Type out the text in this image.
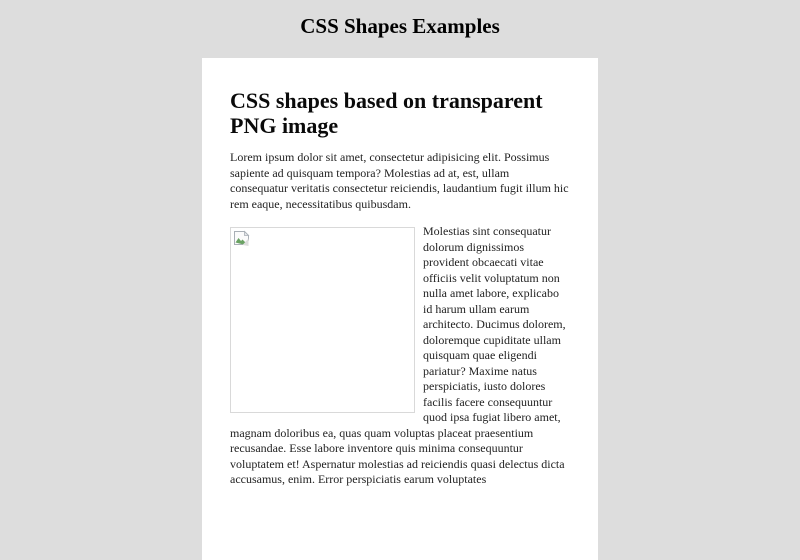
CSS Shapes Examples
CSS shapes based on transparent PNG image

Lorem ipsum dolor sit amet, consectetur adipisicing elit. Possimus sapiente ad quisquam tempora? Molestias ad at, est, ullam consequatur veritatis consectetur reiciendis, laudantium fugit illum hic rem eaque, necessitatibus quibusdam.

Molestias sint consequatur dolorum dignissimos provident obcaecati vitae officiis velit voluptatum non nulla amet labore, explicabo id harum ullam earum architecto. Ducimus dolorem, doloremque cupiditate ullam quisquam quae eligendi pariatur? Maxime natus perspiciatis, iusto dolores facilis facere consequuntur quod ipsa fugiat libero amet, magnam doloribus ea, quas quam voluptas placeat praesentium recusandae. Esse labore inventore quis minima consequuntur voluptatem et! Aspernatur molestias ad reiciendis quasi delectus dicta accusamus, enim. Error perspiciatis earum voluptates
